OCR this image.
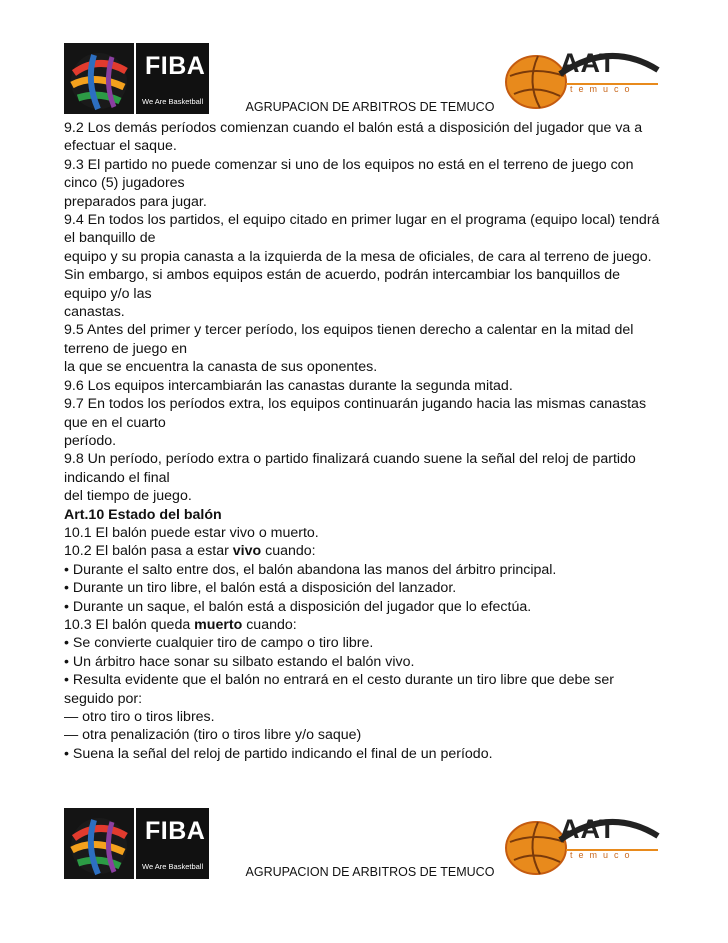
FIBA
We Are Basketball
AAT
temuco
AGRUPACION DE ARBITROS DE TEMUCO
9.2 Los demás períodos comienzan cuando el balón está a disposición del jugador que va a
efectuar el saque.
9.3 El partido no puede comenzar si uno de los equipos no está en el terreno de juego con
cinco (5) jugadores
preparados para jugar.
9.4 En todos los partidos, el equipo citado en primer lugar en el programa (equipo local) tendrá
el banquillo de
equipo y su propia canasta a la izquierda de la mesa de oficiales, de cara al terreno de juego.
Sin embargo, si ambos equipos están de acuerdo, podrán intercambiar los banquillos de
equipo y/o las
canastas.
9.5 Antes del primer y tercer período, los equipos tienen derecho a calentar en la mitad del
terreno de juego en
la que se encuentra la canasta de sus oponentes.
9.6 Los equipos intercambiarán las canastas durante la segunda mitad.
9.7 En todos los períodos extra, los equipos continuarán jugando hacia las mismas canastas
que en el cuarto
período.
9.8 Un período, período extra o partido finalizará cuando suene la señal del reloj de partido
indicando el final
del tiempo de juego.
Art.10 Estado del balón
10.1 El balón puede estar vivo o muerto.
10.2 El balón pasa a estar vivo cuando:
• Durante el salto entre dos, el balón abandona las manos del árbitro principal.
• Durante un tiro libre, el balón está a disposición del lanzador.
• Durante un saque, el balón está a disposición del jugador que lo efectúa.
10.3 El balón queda muerto cuando:
• Se convierte cualquier tiro de campo o tiro libre.
• Un árbitro hace sonar su silbato estando el balón vivo.
• Resulta evidente que el balón no entrará en el cesto durante un tiro libre que debe ser
seguido por:
— otro tiro o tiros libres.
— otra penalización (tiro o tiros libre y/o saque)
• Suena la señal del reloj de partido indicando el final de un período.
FIBA
We Are Basketball
AAT
temuco
AGRUPACION DE ARBITROS DE TEMUCO
